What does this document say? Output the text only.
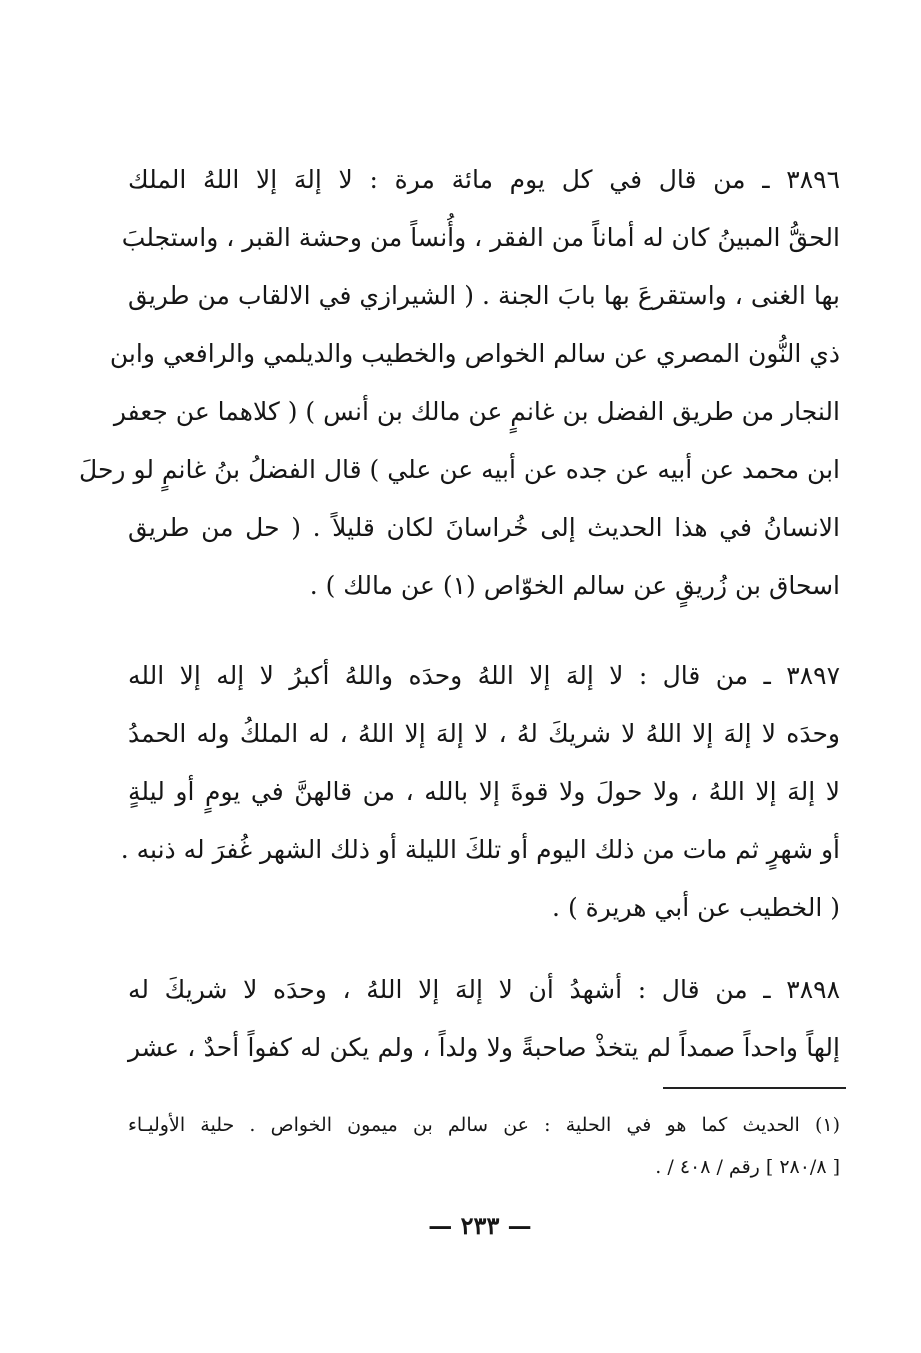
٣٨٩٦ ـ من قال في كل يوم مائة مرة : لا إلهَ إلا اللهُ الملك
الحقُّ المبينُ كان له أماناً من الفقر ، وأُنساً من وحشة القبر ، واستجلبَ
بها الغنى ، واستقرعَ بها بابَ الجنة . ( الشيرازي في الالقاب من طريق
ذي النُّون المصري عن سالم الخواص والخطيب والديلمي والرافعي وابن
النجار من طريق الفضل بن غانمٍ عن مالك بن أنس ) ( كلاهما عن جعفر
ابن محمد عن أبيه عن جده عن أبيه عن علي ) قال الفضلُ بنُ غانمٍ لو رحلَ
الانسانُ في هذا الحديث إلى خُراسانَ لكان قليلاً . ( حل من طريق
اسحاق بن زُريقٍ عن سالم الخوّاص (١) عن مالك ) .
٣٨٩٧ ـ من قال : لا إلهَ إلا اللهُ وحدَه واللهُ أكبرُ لا إله إلا الله
وحدَه لا إلهَ إلا اللهُ لا شريكَ لهُ ، لا إلهَ إلا اللهُ ، له الملكُ وله الحمدُ
لا إلهَ إلا اللهُ ، ولا حولَ ولا قوةَ إلا بالله ، من قالهنَّ في يومٍ أو ليلةٍ
أو شهرٍ ثم مات من ذلك اليوم أو تلكَ الليلة أو ذلك الشهر غُفرَ له ذنبه .
( الخطيب عن أبي هريرة ) .
٣٨٩٨ ـ من قال : أشهدُ أن لا إلهَ إلا اللهُ ، وحدَه لا شريكَ له
إلهاً واحداً صمداً لم يتخذْ صاحبةً ولا ولداً ، ولم يكن له كفواً أحدٌ ، عشر
(١) الحديث كما هو في الحلية : عن سالم بن ميمون الخواص . حلية الأوليـاء
[ ٢٨٠/٨ ] رقم / ٤٠٨ / .
— ٢٣٣ —
